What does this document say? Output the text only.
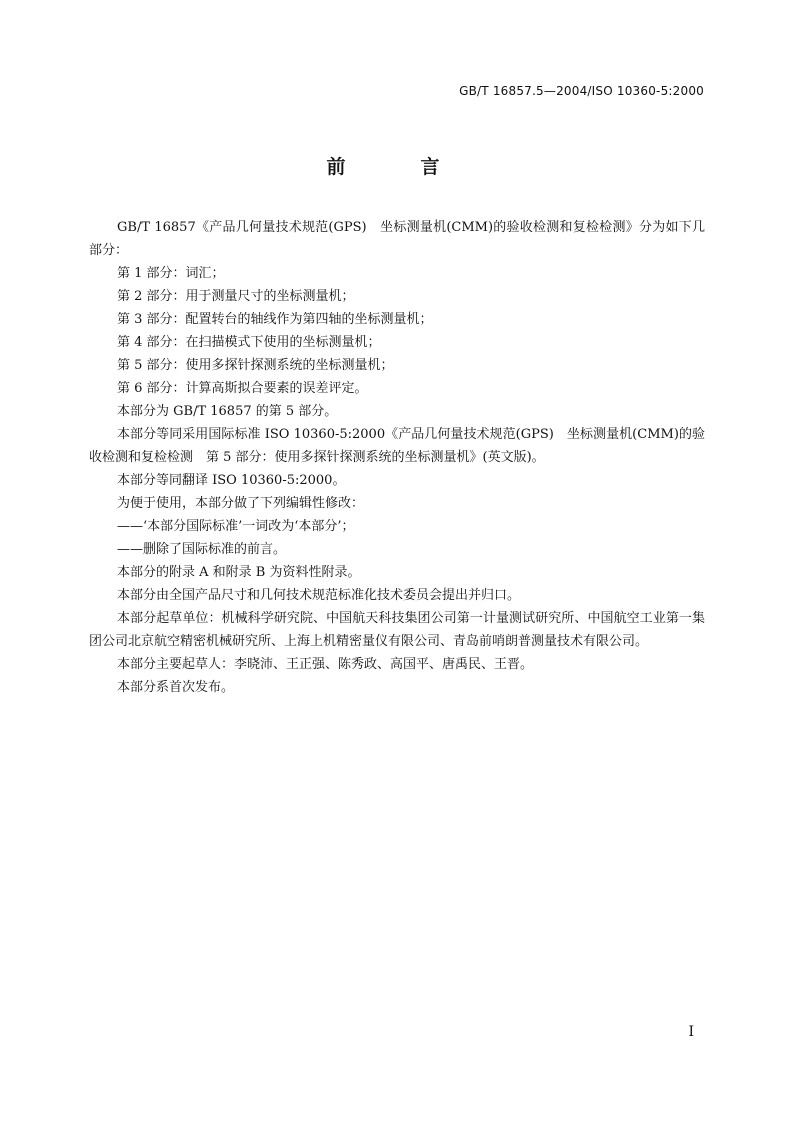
GB/T 16857.5—2004/ISO 10360-5:2000
前　言

GB/T 16857《产品几何量技术规范(GPS)　坐标测量机(CMM)的验收检测和复检检测》分为如下几部分：

第 1 部分：词汇；

第 2 部分：用于测量尺寸的坐标测量机；

第 3 部分：配置转台的轴线作为第四轴的坐标测量机；

第 4 部分：在扫描模式下使用的坐标测量机；

第 5 部分：使用多探针探测系统的坐标测量机；

第 6 部分：计算高斯拟合要素的误差评定。

本部分为 GB/T 16857 的第 5 部分。

本部分等同采用国际标准 ISO 10360-5:2000《产品几何量技术规范(GPS)　坐标测量机(CMM)的验收检测和复检检测　第 5 部分：使用多探针探测系统的坐标测量机》(英文版)。

本部分等同翻译 ISO 10360-5:2000。

为便于使用，本部分做了下列编辑性修改：

——‘本部分国际标准’一词改为‘本部分’；

——删除了国际标准的前言。

本部分的附录 A 和附录 B 为资料性附录。

本部分由全国产品尺寸和几何技术规范标准化技术委员会提出并归口。

本部分起草单位：机械科学研究院、中国航天科技集团公司第一计量测试研究所、中国航空工业第一集团公司北京航空精密机械研究所、上海上机精密量仪有限公司、青岛前哨朗普测量技术有限公司。

本部分主要起草人：李晓沛、王正强、陈秀政、高国平、唐禹民、王晋。

本部分系首次发布。

I
